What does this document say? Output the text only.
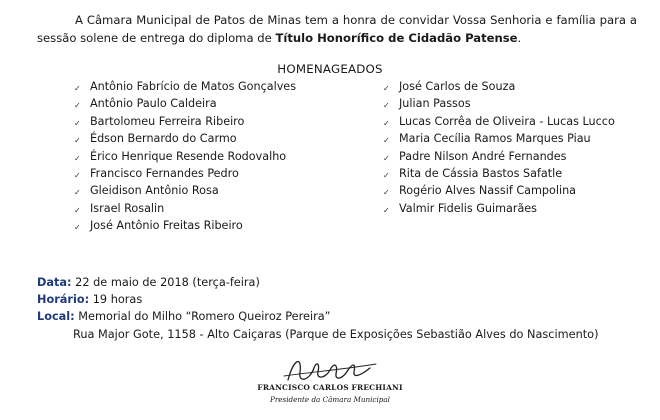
A Câmara Municipal de Patos de Minas tem a honra de convidar Vossa Senhoria e família para a sessão solene de entrega do diploma de Título Honorífico de Cidadão Patense.
HOMENAGEADOS
✓ Antônio Fabrício de Matos Gonçalves
✓ Antônio Paulo Caldeira
✓ Bartolomeu Ferreira Ribeiro
✓ Édson Bernardo do Carmo
✓ Érico Henrique Resende Rodovalho
✓ Francisco Fernandes Pedro
✓ Gleidison Antônio Rosa
✓ Israel Rosalin
✓ José Antônio Freitas Ribeiro
✓ José Carlos de Souza
✓ Julian Passos
✓ Lucas Corrêa de Oliveira - Lucas Lucco
✓ Maria Cecília Ramos Marques Piau
✓ Padre Nilson André Fernandes
✓ Rita de Cássia Bastos Safatle
✓ Rogério Alves Nassif Campolina
✓ Valmir Fidelis Guimarães
Data: 22 de maio de 2018 (terça-feira)
Horário: 19 horas
Local: Memorial do Milho “Romero Queiroz Pereira”
Rua Major Gote, 1158 - Alto Caiçaras (Parque de Exposições Sebastião Alves do Nascimento)
FRANCISCO CARLOS FRECHIANI
Presidente da Câmara Municipal
